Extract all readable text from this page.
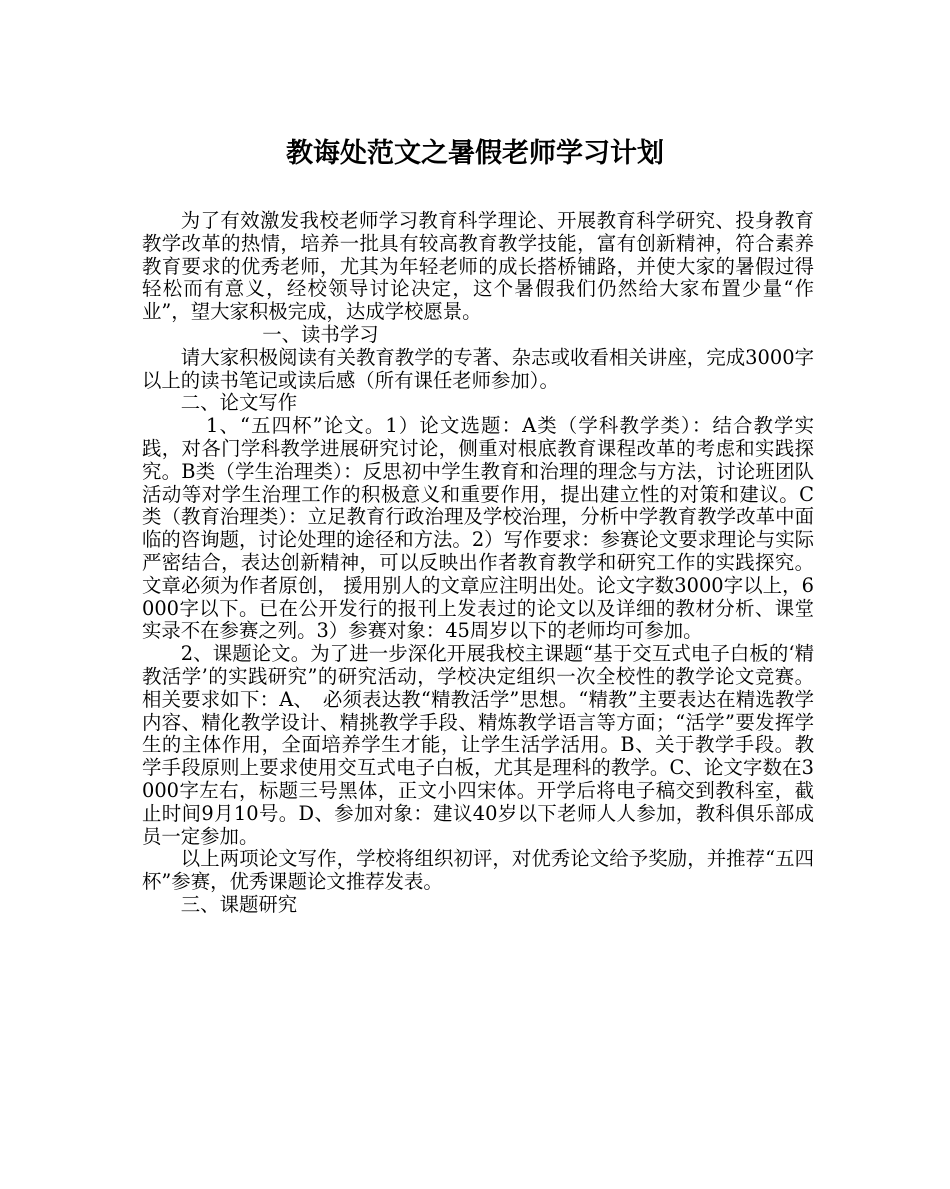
教诲处范文之暑假老师学习计划

为了有效激发我校老师学习教育科学理论、开展教育科学研究、投身教育教学改革的热情，培养一批具有较高教育教学技能，富有创新精神，符合素养教育要求的优秀老师，尤其为年轻老师的成长搭桥铺路，并使大家的暑假过得轻松而有意义，经校领导讨论决定，这个暑假我们仍然给大家布置少量“作业”，望大家积极完成，达成学校愿景。

一、读书学习

请大家积极阅读有关教育教学的专著、杂志或收看相关讲座，完成3000字以上的读书笔记或读后感（所有课任老师参加）。

二、论文写作

1、“五四杯”论文。1）论文选题：A类（学科教学类）：结合教学实践，对各门学科教学进展研究讨论，侧重对根底教育课程改革的考虑和实践探究。B类（学生治理类）：反思初中学生教育和治理的理念与方法，讨论班团队活动等对学生治理工作的积极意义和重要作用，提出建立性的对策和建议。C类（教育治理类）：立足教育行政治理及学校治理，分析中学教育教学改革中面临的咨询题，讨论处理的途径和方法。2）写作要求：参赛论文要求理论与实际严密结合，表达创新精神，可以反映出作者教育教学和研究工作的实践探究。文章必须为作者原创， 援用别人的文章应注明出处。论文字数3000字以上，6000字以下。已在公开发行的报刊上发表过的论文以及详细的教材分析、课堂实录不在参赛之列。3）参赛对象：45周岁以下的老师均可参加。

2、课题论文。为了进一步深化开展我校主课题“基于交互式电子白板的‘精教活学’的实践研究”的研究活动，学校决定组织一次全校性的教学论文竞赛。相关要求如下：A、　必须表达教“精教活学”思想。“精教”主要表达在精选教学内容、精化教学设计、精挑教学手段、精炼教学语言等方面；“活学”要发挥学生的主体作用，全面培养学生才能，让学生活学活用。B、关于教学手段。教学手段原则上要求使用交互式电子白板，尤其是理科的教学。C、论文字数在3000字左右，标题三号黑体，正文小四宋体。开学后将电子稿交到教科室，截止时间9月10号。D、参加对象：建议40岁以下老师人人参加，教科俱乐部成员一定参加。

以上两项论文写作，学校将组织初评，对优秀论文给予奖励，并推荐“五四杯”参赛，优秀课题论文推荐发表。

三、课题研究
